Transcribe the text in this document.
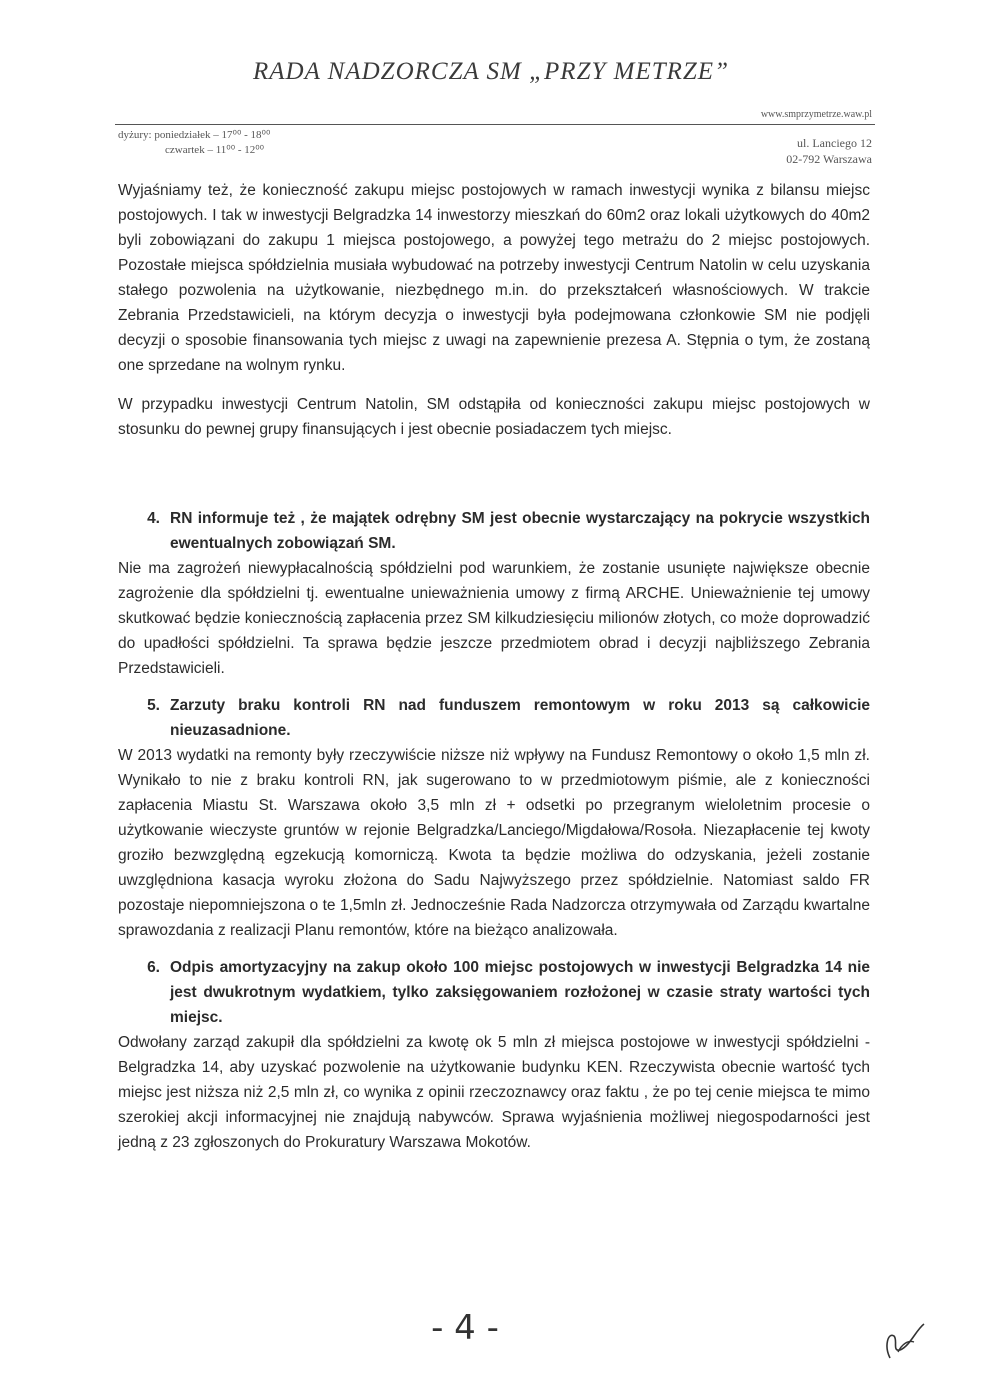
RADA NADZORCZA SM „PRZY METRZE”
www.smprzymetrze.waw.pl
dyżury: poniedziałek – 17⁰⁰ - 18⁰⁰
czwartek – 11⁰⁰ - 12⁰⁰	ul. Lanciego 12
02-792 Warszawa

Wyjaśniamy też, że konieczność zakupu miejsc postojowych w ramach inwestycji wynika z bilansu miejsc postojowych. I tak w inwestycji Belgradzka 14 inwestorzy mieszkań do 60m2 oraz lokali użytkowych do 40m2 byli zobowiązani do zakupu 1 miejsca postojowego, a powyżej tego metrażu do 2 miejsc postojowych. Pozostałe miejsca spółdzielnia musiała wybudować na potrzeby inwestycji Centrum Natolin w celu uzyskania stałego pozwolenia na użytkowanie, niezbędnego m.in. do przekształceń własnościowych. W trakcie Zebrania Przedstawicieli, na którym decyzja o inwestycji była podejmowana członkowie SM nie podjęli decyzji o sposobie finansowania tych miejsc z uwagi na zapewnienie prezesa A. Stępnia o tym, że zostaną one sprzedane na wolnym rynku.

W przypadku inwestycji Centrum Natolin, SM odstąpiła od konieczności zakupu miejsc postojowych w stosunku do pewnej grupy finansujących i jest obecnie posiadaczem tych miejsc.

4. RN informuje też , że majątek odrębny SM jest obecnie wystarczający na pokrycie wszystkich ewentualnych zobowiązań SM.

Nie ma zagrożeń niewypłacalnością spółdzielni pod warunkiem, że zostanie usunięte największe obecnie zagrożenie dla spółdzielni tj. ewentualne unieważnienia umowy z firmą ARCHE. Unieważnienie tej umowy skutkować będzie koniecznością zapłacenia przez SM kilkudziesięciu milionów złotych, co może doprowadzić do upadłości spółdzielni. Ta sprawa będzie jeszcze przedmiotem obrad i decyzji najbliższego Zebrania Przedstawicieli.

5. Zarzuty braku kontroli RN nad funduszem remontowym w roku 2013 są całkowicie nieuzasadnione.

W 2013 wydatki na remonty były rzeczywiście niższe niż wpływy na Fundusz Remontowy o około 1,5 mln zł. Wynikało to nie z braku kontroli RN, jak sugerowano to w przedmiotowym piśmie, ale z konieczności zapłacenia Miastu St. Warszawa około 3,5 mln zł + odsetki po przegranym wieloletnim procesie o użytkowanie wieczyste gruntów w rejonie Belgradzka/Lanciego/Migdałowa/Rosoła. Niezapłacenie tej kwoty groziło bezwzględną egzekucją komorniczą. Kwota ta będzie możliwa do odzyskania, jeżeli zostanie uwzględniona kasacja wyroku złożona do Sadu Najwyższego przez spółdzielnie. Natomiast saldo FR pozostaje niepomniejszona o te 1,5mln zł. Jednocześnie Rada Nadzorcza otrzymywała od Zarządu kwartalne sprawozdania z realizacji Planu remontów, które na bieżąco analizowała.

6. Odpis amortyzacyjny na zakup około 100 miejsc postojowych w inwestycji Belgradzka 14 nie jest dwukrotnym wydatkiem, tylko zaksięgowaniem rozłożonej w czasie straty wartości tych miejsc.

Odwołany zarząd zakupił dla spółdzielni za kwotę ok 5 mln zł miejsca postojowe w inwestycji spółdzielni - Belgradzka 14, aby uzyskać pozwolenie na użytkowanie budynku KEN. Rzeczywista obecnie wartość tych miejsc jest niższa niż 2,5 mln zł, co wynika z opinii rzeczoznawcy oraz faktu , że po tej cenie miejsca te mimo szerokiej akcji informacyjnej nie znajdują nabywców. Sprawa wyjaśnienia możliwej niegospodarności jest jedną z 23 zgłoszonych do Prokuratury Warszawa Mokotów.

- 4 -
